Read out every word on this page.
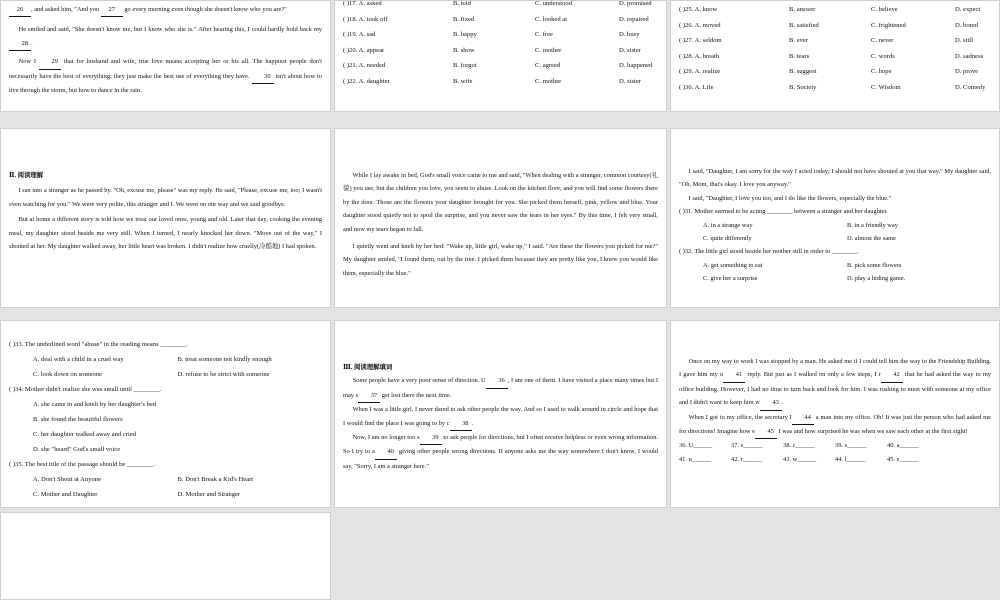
26 , and asked him, "And you 27 go every morning even though she doesn't know who you are?"

He smiled and said, "She doesn't know me, but I know who she is." After hearing this, I could hardly hold back my 28 .

Now I 29 that for husband and wife, true love means accepting her or his all. The happiest people don't necessarily have the best of everything; they just make the best use of everything they have. 30 isn't about how to live through the storm, but how to dance in the rain.

( )17. A. asked	B. told	C. understood	D. promised
( )18. A. took off	B. fixed	C. looked at	D. repaired
( )19. A. sad	B. happy	C. free	D. busy
( )20. A. appear	B. show	C. mother	D. sister
( )21. A. needed	B. forgot	C. agreed	D. happened
( )22. A. daughter	B. wife	C. mother	D. sister
( )25. A. know	B. answer	C. believe	D. expect
( )26. A. moved	B. satisfied	C. frightened	D. bored
( )27. A. seldom	B. ever	C. never	D. still
( )28. A. breath	B. tears	C. words	D. sadness
( )29. A. realize	B. suggest	C. hope	D. prove
( )30. A. Life	B. Society	C. Wisdom	D. Comedy

Ⅱ. 阅读理解

I ran into a stranger as he passed by. "Oh, excuse me, please" was my reply. He said, "Please, excuse me, too; I wasn't even watching for you." We were very polite, this stranger and I. We went on our way and we said goodbye.

But at home a different story is told how we treat our loved ones, young and old. Later that day, cooking the evening meal, my daughter stood beside me very still. When I turned, I nearly knocked her down. "Move out of the way," I shouted at her. My daughter walked away, her little heart was broken. I didn't realize how cruelly(冷酷地) I had spoken.

While I lay awake in bed, God's small voice came to me and said, "When dealing with a stranger, common courtesy(礼貌) you use, but the children you love, you seem to abuse. Look on the kitchen floor, and you will find some flowers there by the door. Those are the flowers your daughter brought for you. She picked them herself, pink, yellow and blue. Your daughter stood quietly not to spoil the surprise, and you never saw the tears in her eyes." By this time, I felt very small, and now my tears began to fall.

I quietly went and knelt by her bed: "Wake up, little girl, wake up," I said. "Are these the flowers you picked for me?" My daughter smiled, "I found them, out by the tree. I picked them because they are pretty like you, I knew you would like them, especially the blue."

I said, "Daughter, I am sorry for the way I acted today; I should not have shouted at you that way." My daughter said, "Oh, Mom, that's okay. I love you anyway."

I said, "Daughter, I love you too, and I do like the flowers, especially the blue."

( )31. Mother seemed to be acting ________ between a stranger and her daughter.

A. in a strange way	B. in a friendly way
C. quite differently	D. almost the same

( )32. The little girl stood beside her mother still in order to ________.

A. get something to eat	B. pick some flowers
C. give her a surprise	D. play a hiding game.

( )33. The underlined word "abuse" in the reading means ________.

A. deal with a child in a cruel way	B. treat someone not kindly enough
C. look down on someone	D. refuse to be strict with someone

( )34. Mother didn't realize she was small until ________.

A. she came in and knelt by her daughter's bed

B. she found the beautiful flowers

C. her daughter walked away and cried

D. she "heard" God's small voice

( )35. The best title of the passage should be ________.

A. Don't Shout at Anyone	B. Don't Break a Kid's Heart
C. Mother and Daughter	D. Mother and Stranger

Ⅲ. 阅读理解填词

Some people have a very poor sense of direction. U 36 , I am one of them. I have visited a place many times but I may s 37 get lost there the next time.

When I was a little girl, I never dared to ask other people the way. And so I used to walk around in circle and hope that I would find the place I was going to by c 38 .

Now, I am no longer too s 39 to ask people for directions, but I often receive helpless or even wrong information. So I try to a 40 giving other people wrong directions. If anyone asks me the way somewhere I don't know, I would say, "Sorry, I am a stranger here."

Once on my way to work I was stopped by a man. He asked me if I could tell him the way to the Friendship Building. I gave him my u 41 reply. But just as I walked on only a few steps, I r 42 that he had asked the way to my office building. However, I had no time to turn back and look for him. I was rushing to meet with someone at my office and I didn't want to keep him w 43 .

When I got to my office, the secretary I 44 a man into my office. Oh! It was just the person who had asked me for directions! Imagine how e 45 I was and how surprised he was when we saw each other at the first sight!

36. U______	37. s______	38. c______	39. s______	40. a______
41. u______	42. r______	43. w______	44. l______	45. e______
